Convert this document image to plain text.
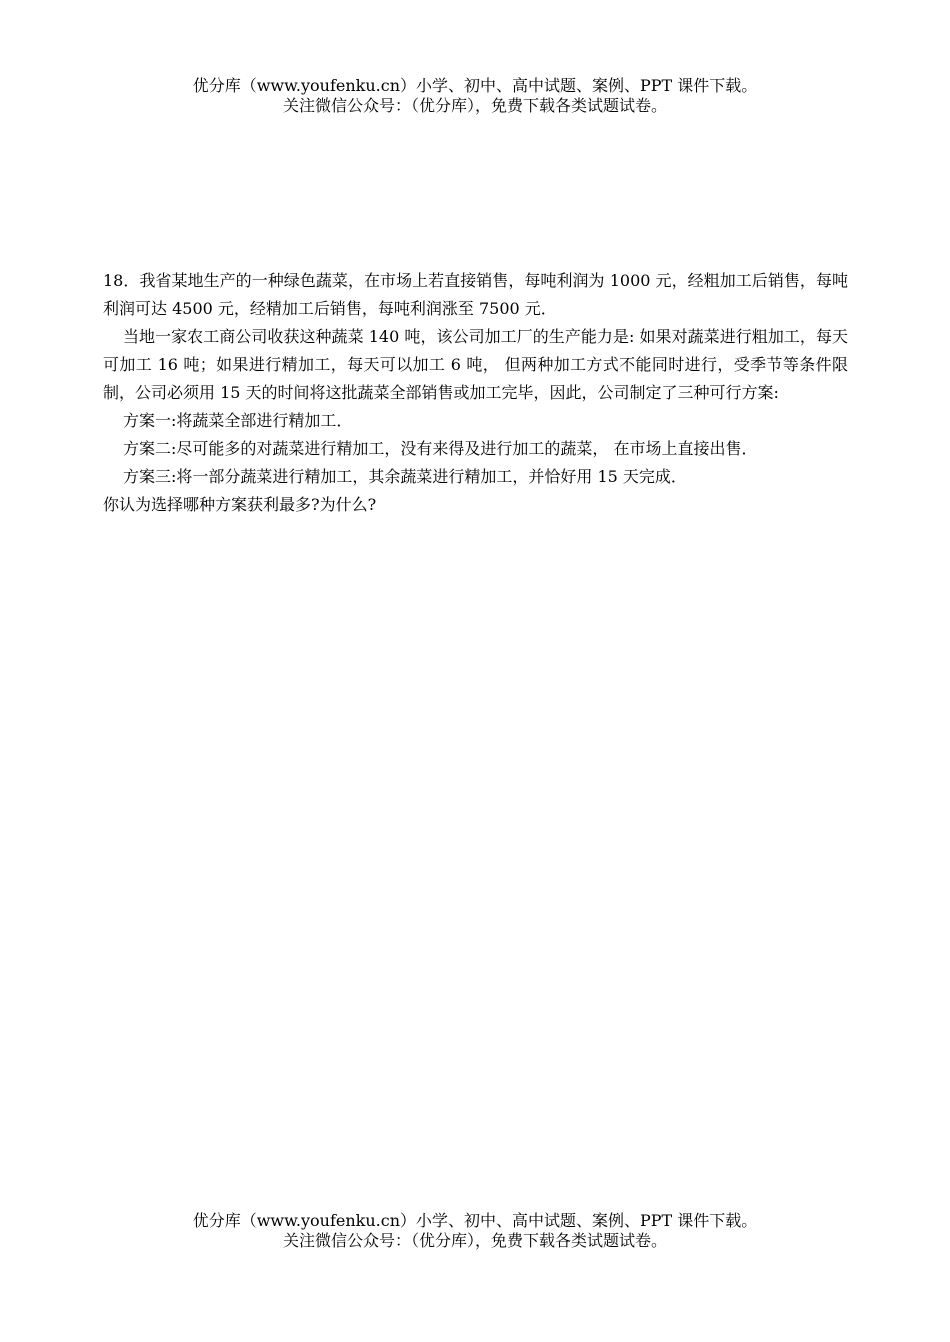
优分库（www.youfenku.cn）小学、初中、高中试题、案例、PPT 课件下载。
关注微信公众号：（优分库），免费下载各类试题试卷。

18．我省某地生产的一种绿色蔬菜，在市场上若直接销售，每吨利润为 1000 元，经粗加工后销售，每吨利润可达 4500 元，经精加工后销售，每吨利润涨至 7500 元．

当地一家农工商公司收获这种蔬菜 140 吨，该公司加工厂的生产能力是: 如果对蔬菜进行粗加工，每天可加工 16 吨；如果进行精加工，每天可以加工 6 吨， 但两种加工方式不能同时进行，受季节等条件限制，公司必须用 15 天的时间将这批蔬菜全部销售或加工完毕，因此，公司制定了三种可行方案:

方案一:将蔬菜全部进行精加工．

方案二:尽可能多的对蔬菜进行精加工，没有来得及进行加工的蔬菜， 在市场上直接出售．

方案三:将一部分蔬菜进行精加工，其余蔬菜进行精加工，并恰好用 15 天完成．

你认为选择哪种方案获利最多?为什么?

优分库（www.youfenku.cn）小学、初中、高中试题、案例、PPT 课件下载。
关注微信公众号：（优分库），免费下载各类试题试卷。
